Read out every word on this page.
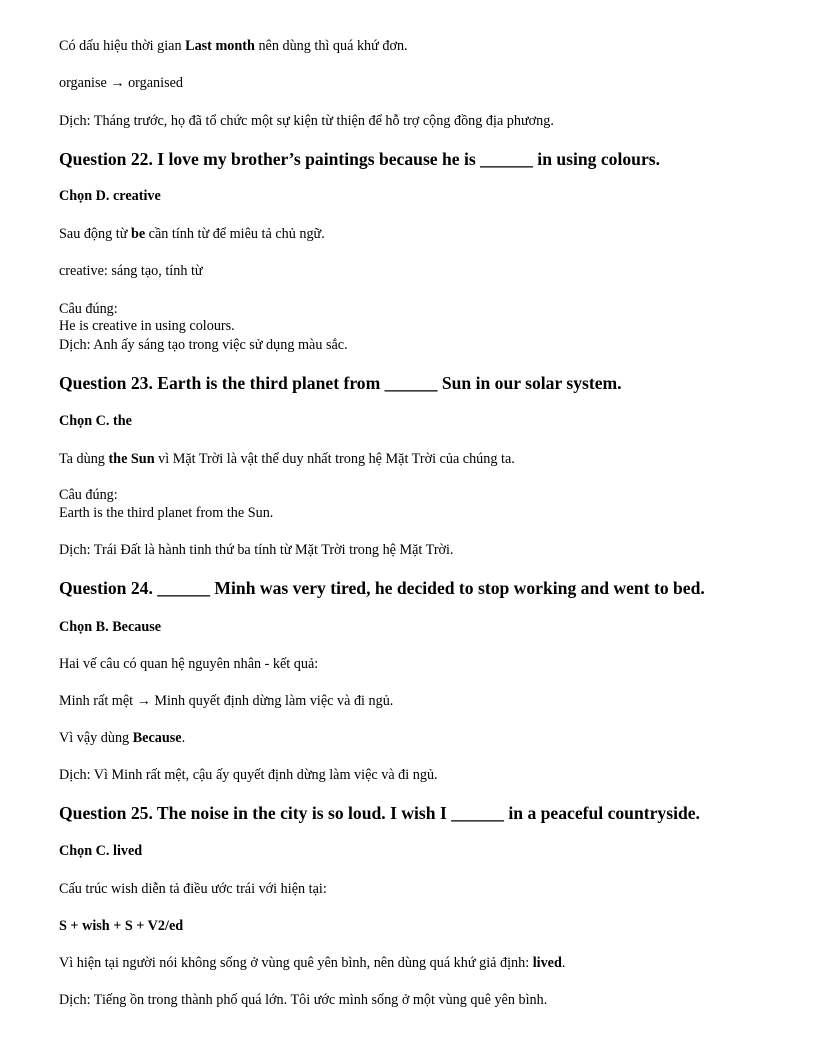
Có dấu hiệu thời gian Last month nên dùng thì quá khứ đơn.
organise → organised
Dịch: Tháng trước, họ đã tổ chức một sự kiện từ thiện để hỗ trợ cộng đồng địa phương.
Question 22. I love my brother’s paintings because he is ______ in using colours.
Chọn D. creative
Sau động từ be cần tính từ để miêu tả chủ ngữ.
creative: sáng tạo, tính từ
Câu đúng:
He is creative in using colours.
Dịch: Anh ấy sáng tạo trong việc sử dụng màu sắc.
Question 23. Earth is the third planet from ______ Sun in our solar system.
Chọn C. the
Ta dùng the Sun vì Mặt Trời là vật thể duy nhất trong hệ Mặt Trời của chúng ta.
Câu đúng:
Earth is the third planet from the Sun.
Dịch: Trái Đất là hành tinh thứ ba tính từ Mặt Trời trong hệ Mặt Trời.
Question 24. ______ Minh was very tired, he decided to stop working and went to bed.
Chọn B. Because
Hai vế câu có quan hệ nguyên nhân - kết quả:
Minh rất mệt → Minh quyết định dừng làm việc và đi ngủ.
Vì vậy dùng Because.
Dịch: Vì Minh rất mệt, cậu ấy quyết định dừng làm việc và đi ngủ.
Question 25. The noise in the city is so loud. I wish I ______ in a peaceful countryside.
Chọn C. lived
Cấu trúc wish diễn tả điều ước trái với hiện tại:
S + wish + S + V2/ed
Vì hiện tại người nói không sống ở vùng quê yên bình, nên dùng quá khứ giả định: lived.
Dịch: Tiếng ồn trong thành phố quá lớn. Tôi ước mình sống ở một vùng quê yên bình.
